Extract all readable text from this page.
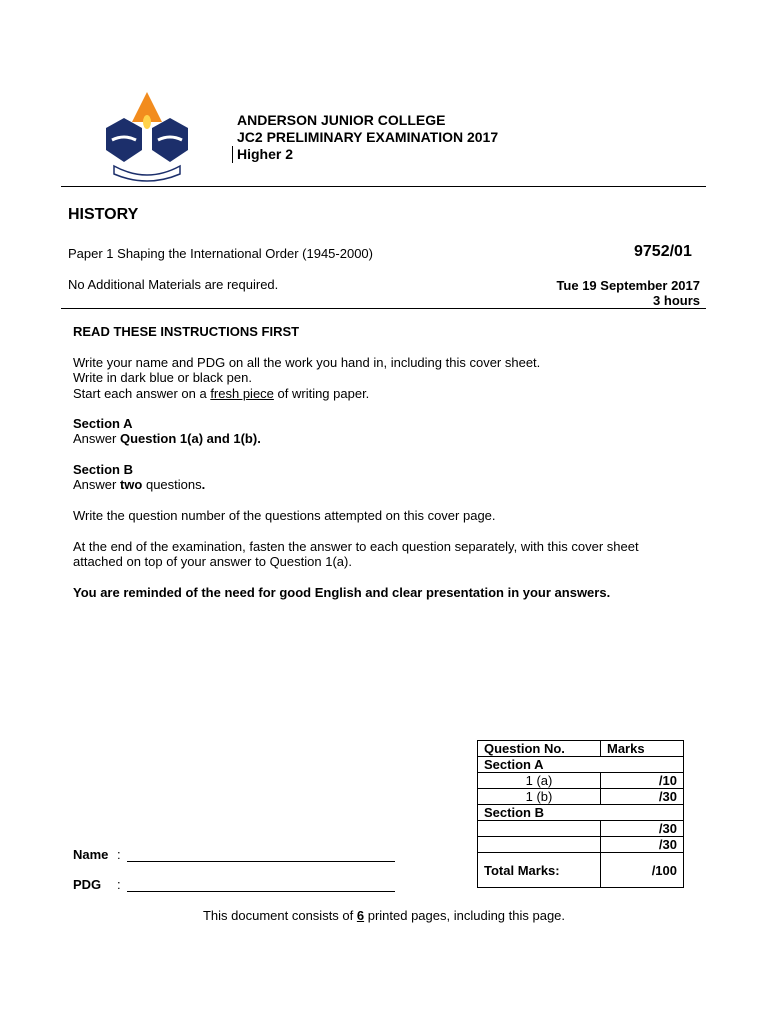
ANDERSON JUNIOR COLLEGE
JC2 PRELIMINARY EXAMINATION 2017
Higher 2
HISTORY
Paper 1 Shaping the International Order (1945-2000)	9752/01
No Additional Materials are required.	Tue 19 September 2017
3 hours
READ THESE INSTRUCTIONS FIRST
Write your name and PDG on all the work you hand in, including this cover sheet.
Write in dark blue or black pen.
Start each answer on a fresh piece of writing paper.
Section A
Answer Question 1(a) and 1(b).
Section B
Answer two questions.
Write the question number of the questions attempted on this cover page.
At the end of the examination, fasten the answer to each question separately, with this cover sheet
attached on top of your answer to Question 1(a).
You are reminded of the need for good English and clear presentation in your answers.
Question No.	Marks
Section A	
1 (a)	/10
1 (b)	/30
Section B	
	/30
	/30
Total Marks:	/100
Name :
PDG :
This document consists of 6 printed pages, including this page.
